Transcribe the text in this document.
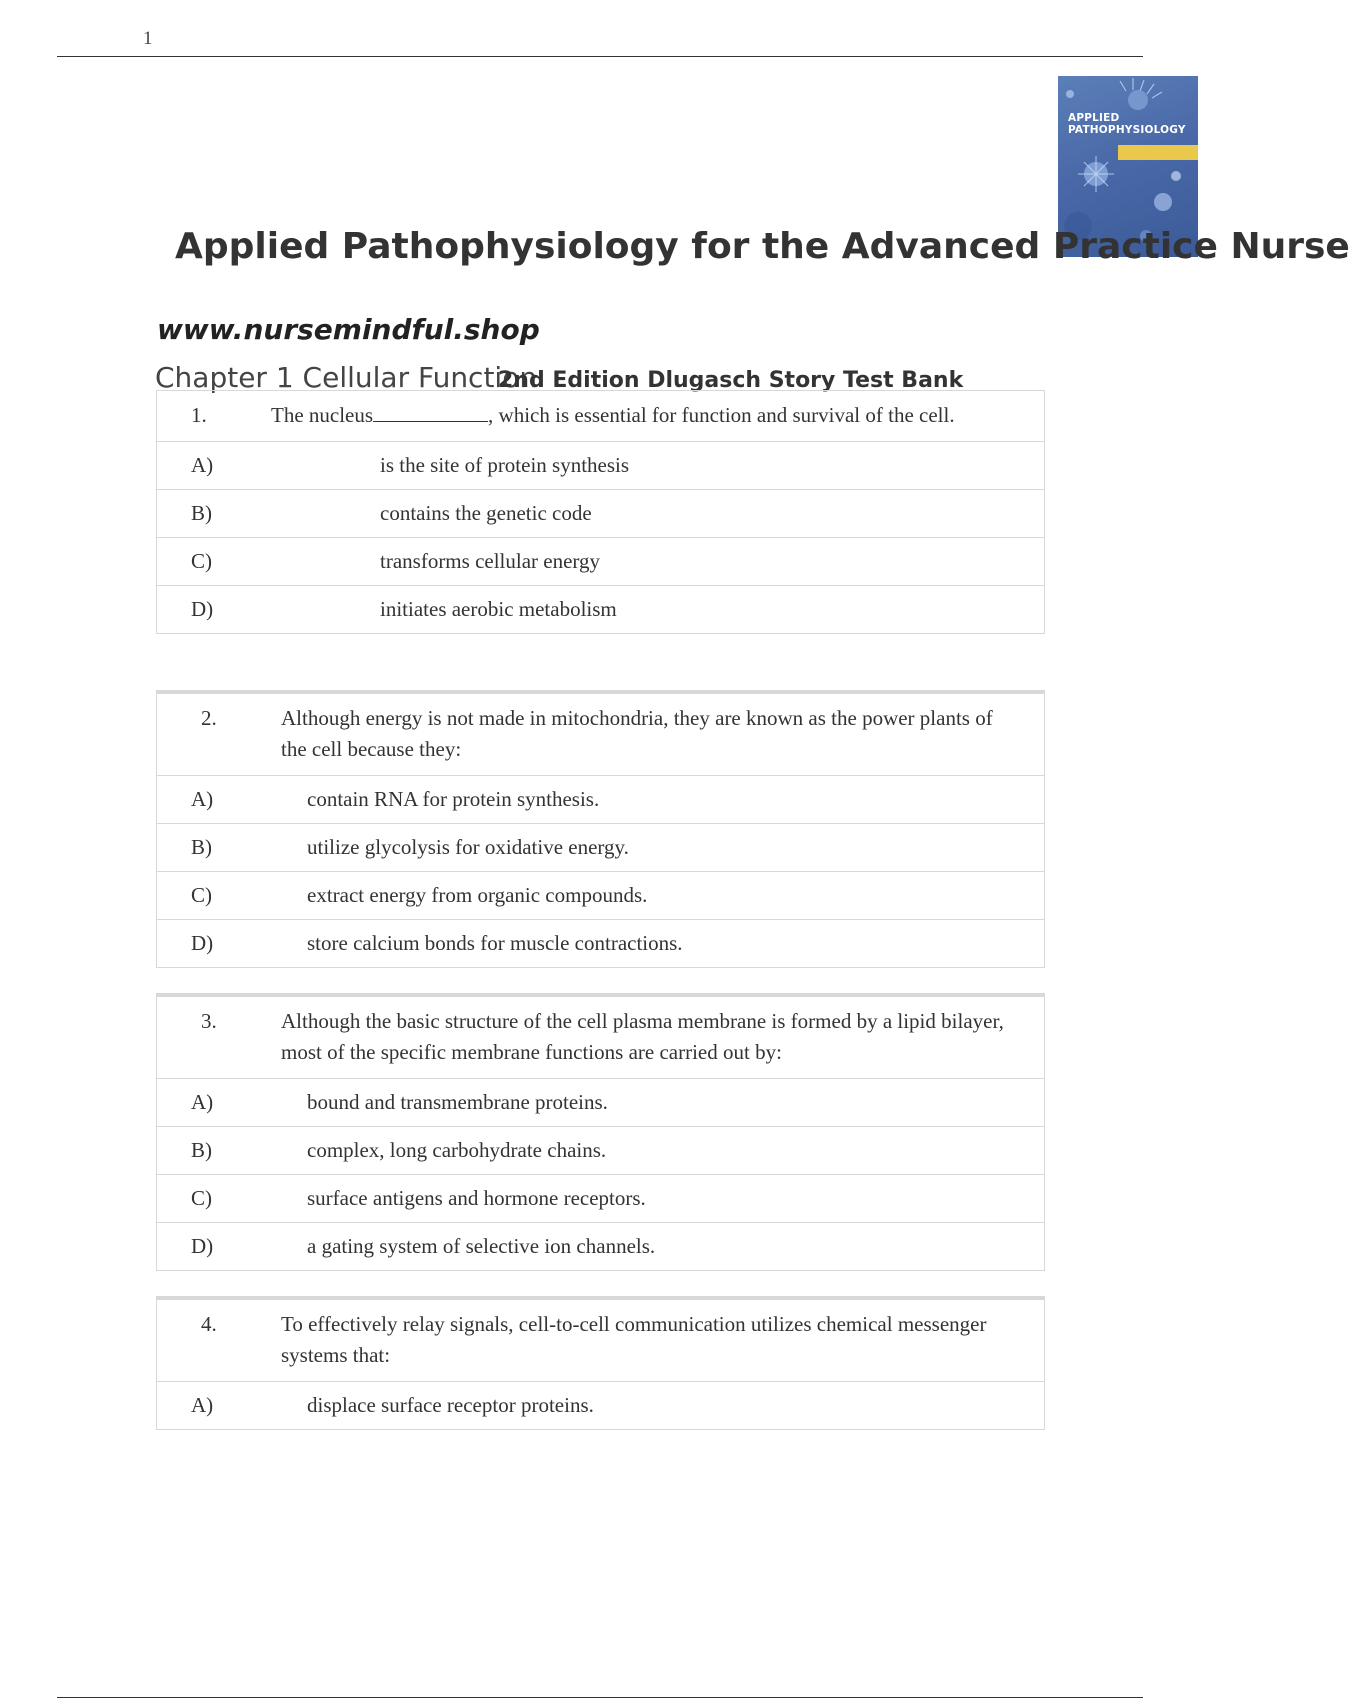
1
APPLIED
PATHOPHYSIOLOGY
Applied Pathophysiology for the Advanced Practice Nurse
www.nursemindful.shop
Chapter 1 Cellular Function
2nd Edition Dlugasch Story Test Bank
1.	The nucleus	, which is essential for function and survival of the cell.
A)	is the site of protein synthesis
B)	contains the genetic code
C)	transforms cellular energy
D)	initiates aerobic metabolism
2.	Although energy is not made in mitochondria, they are known as the power plants of the cell because they:
A)	contain RNA for protein synthesis.
B)	utilize glycolysis for oxidative energy.
C)	extract energy from organic compounds.
D)	store calcium bonds for muscle contractions.
3.	Although the basic structure of the cell plasma membrane is formed by a lipid bilayer, most of the specific membrane functions are carried out by:
A)	bound and transmembrane proteins.
B)	complex, long carbohydrate chains.
C)	surface antigens and hormone receptors.
D)	a gating system of selective ion channels.
4.	To effectively relay signals, cell-to-cell communication utilizes chemical messenger systems that:
A)	displace surface receptor proteins.
